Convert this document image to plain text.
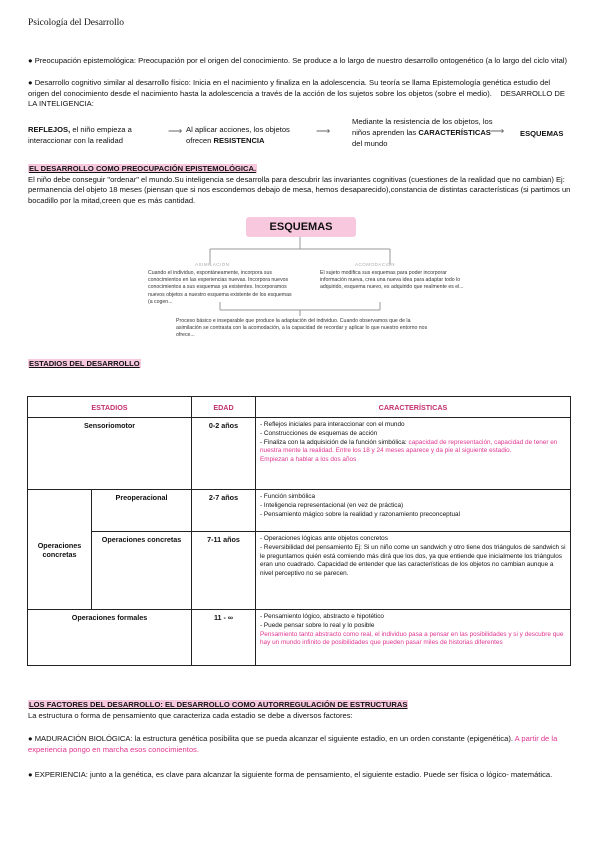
Psicología del Desarrollo
● Preocupación epistemológica: Preocupación por el origen del conocimiento. Se produce a lo largo de nuestro desarrollo ontogenético (a lo largo del ciclo vital)
● Desarrollo cognitivo similar al desarrollo físico: Inicia en el nacimiento y finaliza en la adolescencia. Su teoría se llama Epistemología genética estudio del origen del conocimiento desde el nacimiento hasta la adolescencia a través de la acción de los sujetos sobre los objetos (sobre el medio). DESARROLLO DE LA INTELIGENCIA:
REFLEJOS, el niño empieza a interaccionar con la realidad
⟶ Al aplicar acciones, los objetos ofrecen RESISTENCIA
⟶
Mediante la resistencia de los objetos, los niños aprenden las CARACTERÍSTICAS del mundo
⟶ ESQUEMAS
EL DESARROLLO COMO PREOCUPACIÓN EPISTEMOLÓGICA.
El niño debe conseguir "ordenar" el mundo.Su inteligencia se desarrolla para descubrir las invariantes cognitivas (cuestiones de la realidad que no cambian) Ej: permanencia del objeto 18 meses (piensan que si nos escondemos debajo de mesa, hemos desaparecido),constancia de distintas características (si partimos un bocadillo por la mitad,creen que es más cantidad.
ESQUEMAS
ASIMILACIÓN	ACOMODACIÓN
Cuando el individuo, espontáneamente, incorpora sus conocimientos en las experiencias nuevas. Incorpora nuevos conocimientos a sus esquemas ya existentes. Incorporamos nuevos objetos a nuestro esquema existente de los esquemas (a cogen...
El sujeto modifica sus esquemas para poder incorporar información nueva, crea una nueva idea para adaptar todo lo adquirido, esquema nuevo, es adquirido que realmente es el...
Proceso básico e inseparable que produce la adaptación del individuo. Cuando observamos que de la asimilación se contrasta con la acomodación, a la capacidad de recordar y aplicar lo que nuestro entorno nos ofrece...
ESTADIOS DEL DESARROLLO
ESTADIOS		EDAD	CARACTERÍSTICAS
Sensoriomotor		0-2 años	- Reflejos iniciales para interaccionar con el mundo
- Construcciones de esquemas de acción
- Finaliza con la adquisición de la función simbólica: capacidad de representación, capacidad de tener en nuestra mente la realidad. Entre los 18 y 24 meses aparece y da pie al siguiente estadio.
Empiezan a hablar a los dos años

Operaciones concretas	Preoperacional	2-7 años	- Función simbólica
- Inteligencia representacional (en vez de práctica)
- Pensamiento mágico sobre la realidad y razonamiento preconceptual

	Operaciones concretas	7-11 años	- Operaciones lógicas ante objetos concretos
- Reversibilidad del pensamiento Ej: Si un niño come un sandwich y otro tiene dos triángulos de sandwich si le preguntamos quién está comiendo más dirá que los dos, ya que entiende que inicialmente los triángulos eran uno cuadrado. Capacidad de entender que las características de los objetos no cambian aunque a nivel perceptivo no se parecen.

Operaciones formales		11 - ∞	- Pensamiento lógico, abstracto e hipotético
- Puede pensar sobre lo real y lo posible
Pensamiento tanto abstracto como real, el individuo pasa a pensar en las posibilidades y si y descubre que hay un mundo infinito de posibilidades que pueden pasar miles de historias diferentes
LOS FACTORES DEL DESARROLLO: EL DESARROLLO COMO AUTORREGULACIÓN DE ESTRUCTURAS
La estructura o forma de pensamiento que caracteriza cada estadio se debe a diversos factores:
● MADURACIÓN BIOLÓGICA: la estructura genética posibilita que se pueda alcanzar el siguiente estadio, en un orden constante (epigenética). A partir de la experiencia pongo en marcha esos conocimientos.
● EXPERIENCIA: junto a la genética, es clave para alcanzar la siguiente forma de pensamiento, el siguiente estadio. Puede ser física o lógico- matemática.
